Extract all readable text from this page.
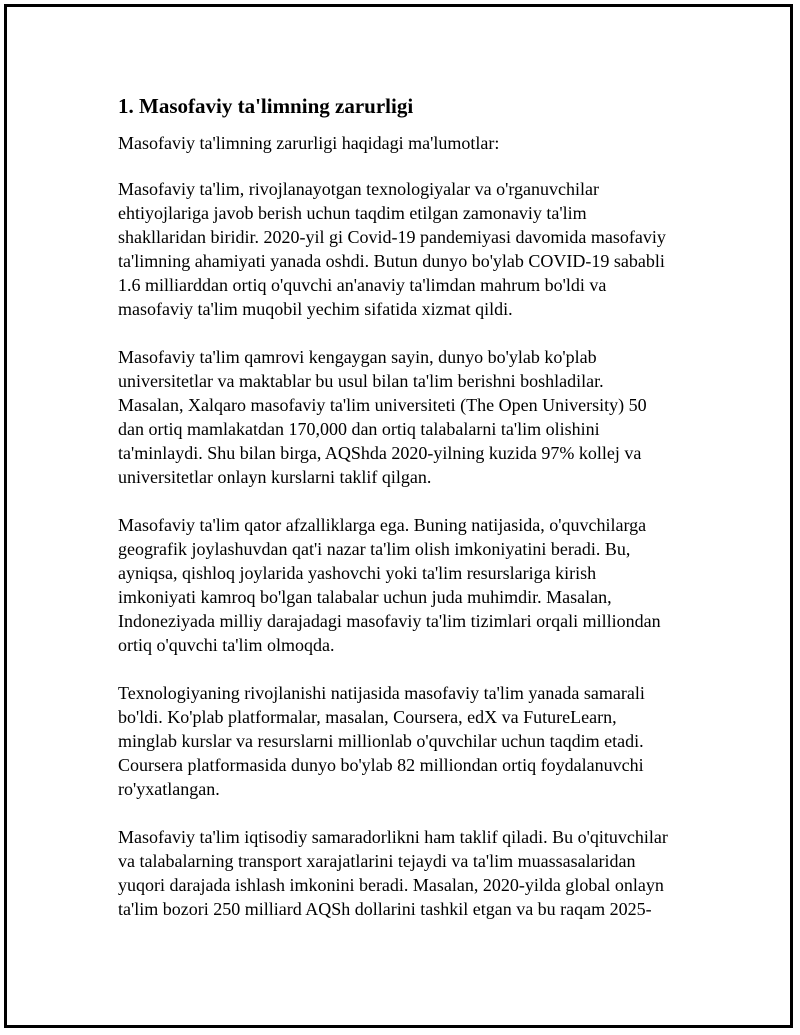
1. Masofaviy ta'limning zarurligi

Masofaviy ta'limning zarurligi haqidagi ma'lumotlar:

Masofaviy ta'lim, rivojlanayotgan texnologiyalar va o'rganuvchilar
ehtiyojlariga javob berish uchun taqdim etilgan zamonaviy ta'lim
shakllaridan biridir. 2020-yil gi Covid-19 pandemiyasi davomida masofaviy
ta'limning ahamiyati yanada oshdi. Butun dunyo bo'ylab COVID-19 sababli
1.6 milliarddan ortiq o'quvchi an'anaviy ta'limdan mahrum bo'ldi va
masofaviy ta'lim muqobil yechim sifatida xizmat qildi.

Masofaviy ta'lim qamrovi kengaygan sayin, dunyo bo'ylab ko'plab
universitetlar va maktablar bu usul bilan ta'lim berishni boshladilar.
Masalan, Xalqaro masofaviy ta'lim universiteti (The Open University) 50
dan ortiq mamlakatdan 170,000 dan ortiq talabalarni ta'lim olishini
ta'minlaydi. Shu bilan birga, AQShda 2020-yilning kuzida 97% kollej va
universitetlar onlayn kurslarni taklif qilgan.

Masofaviy ta'lim qator afzalliklarga ega. Buning natijasida, o'quvchilarga
geografik joylashuvdan qat'i nazar ta'lim olish imkoniyatini beradi. Bu,
ayniqsa, qishloq joylarida yashovchi yoki ta'lim resurslariga kirish
imkoniyati kamroq bo'lgan talabalar uchun juda muhimdir. Masalan,
Indoneziyada milliy darajadagi masofaviy ta'lim tizimlari orqali milliondan
ortiq o'quvchi ta'lim olmoqda.

Texnologiyaning rivojlanishi natijasida masofaviy ta'lim yanada samarali
bo'ldi. Ko'plab platformalar, masalan, Coursera, edX va FutureLearn,
minglab kurslar va resurslarni millionlab o'quvchilar uchun taqdim etadi.
Coursera platformasida dunyo bo'ylab 82 milliondan ortiq foydalanuvchi
ro'yxatlangan.

Masofaviy ta'lim iqtisodiy samaradorlikni ham taklif qiladi. Bu o'qituvchilar
va talabalarning transport xarajatlarini tejaydi va ta'lim muassasalaridan
yuqori darajada ishlash imkonini beradi. Masalan, 2020-yilda global onlayn
ta'lim bozori 250 milliard AQSh dollarini tashkil etgan va bu raqam 2025-
